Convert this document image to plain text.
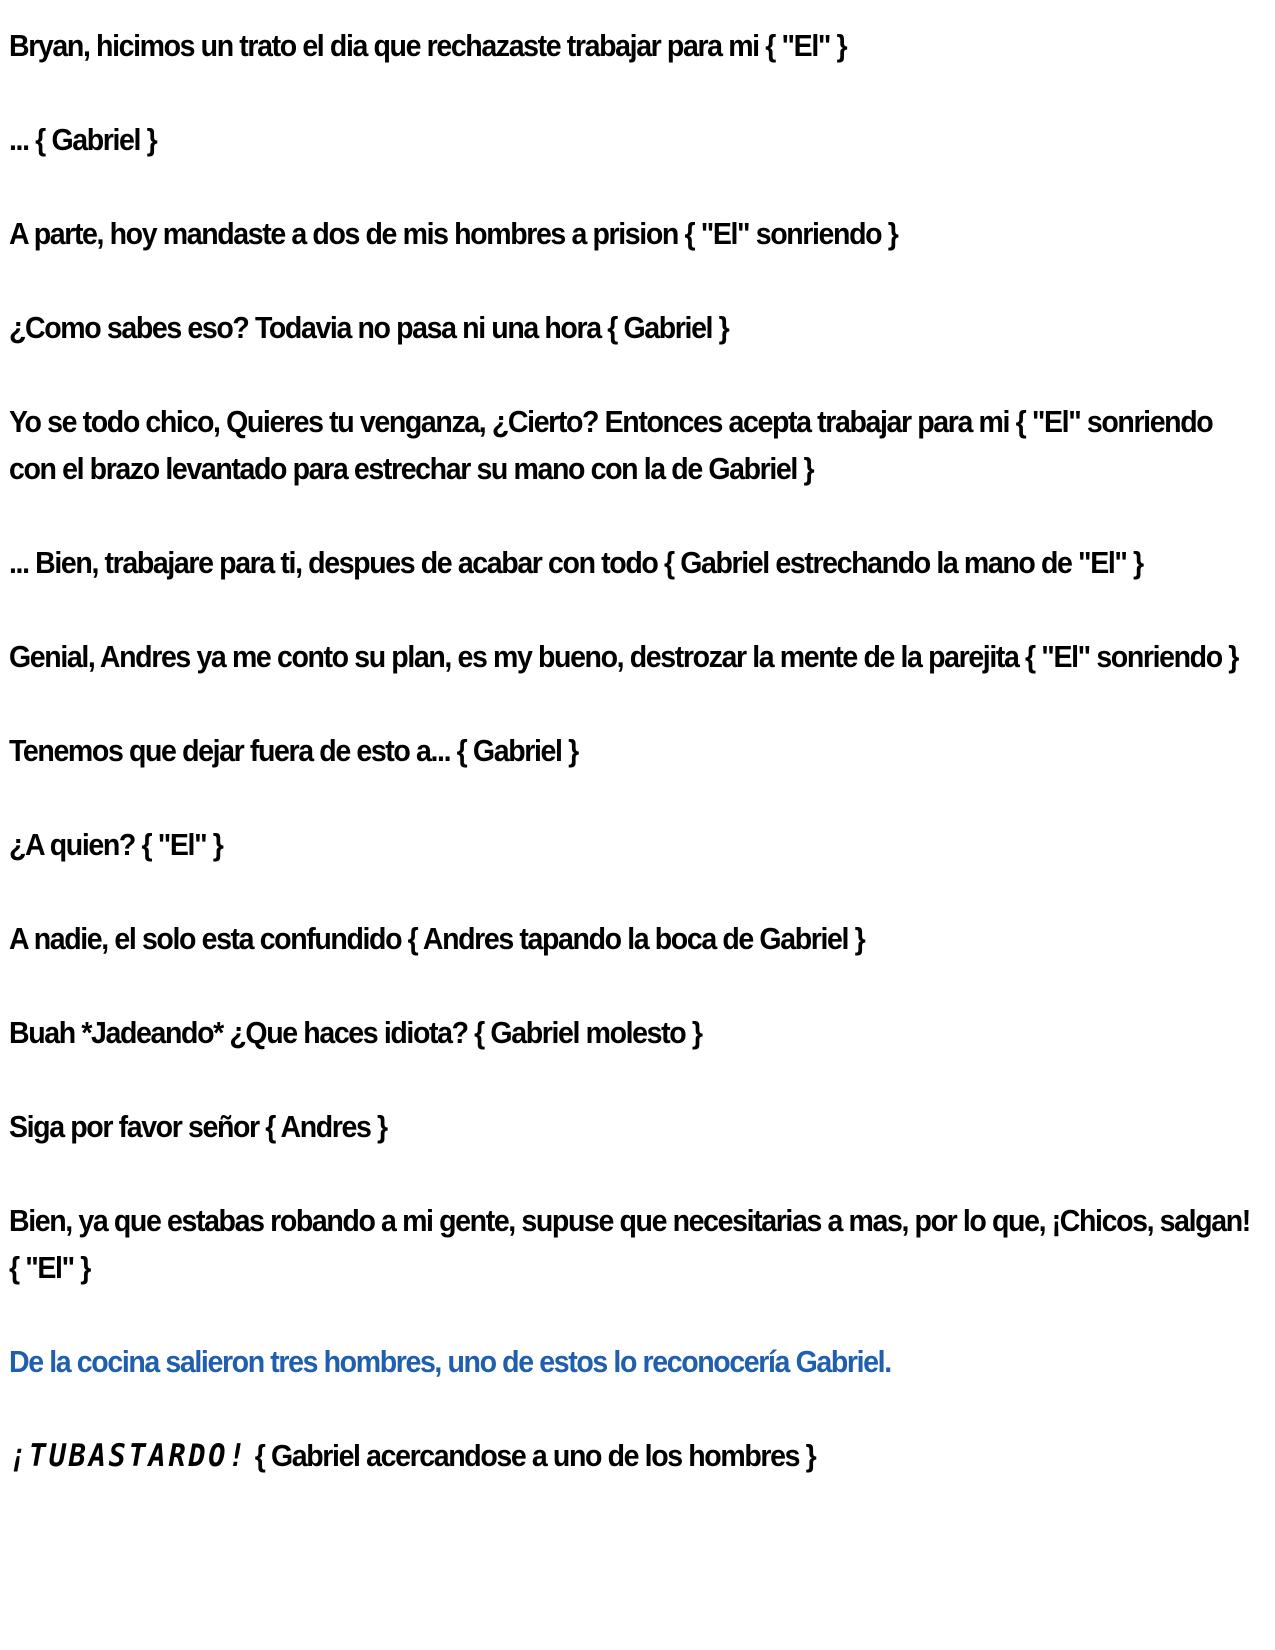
Bryan, hicimos un trato el dia que rechazaste trabajar para mi { "El" }

... { Gabriel }

A parte, hoy mandaste a dos de mis hombres a prision { "El" sonriendo }

¿Como sabes eso? Todavia no pasa ni una hora { Gabriel }

Yo se todo chico, Quieres tu venganza, ¿Cierto? Entonces acepta trabajar para mi { "El" sonriendo con el brazo levantado para estrechar su mano con la de Gabriel }

... Bien, trabajare para ti, despues de acabar con todo { Gabriel estrechando la mano de "El" }

Genial, Andres ya me conto su plan, es my bueno, destrozar la mente de la parejita { "El" sonriendo }

Tenemos que dejar fuera de esto a... { Gabriel }

¿A quien? { "El" }

A nadie, el solo esta confundido { Andres tapando la boca de Gabriel }

Buah *Jadeando* ¿Que haces idiota? { Gabriel molesto }

Siga por favor señor { Andres }

Bien, ya que estabas robando a mi gente, supuse que necesitarias a mas, por lo que, ¡Chicos, salgan! { "El" }

De la cocina salieron tres hombres, uno de estos lo reconocería Gabriel.

¡TUBASTARDO! { Gabriel acercandose a uno de los hombres }
